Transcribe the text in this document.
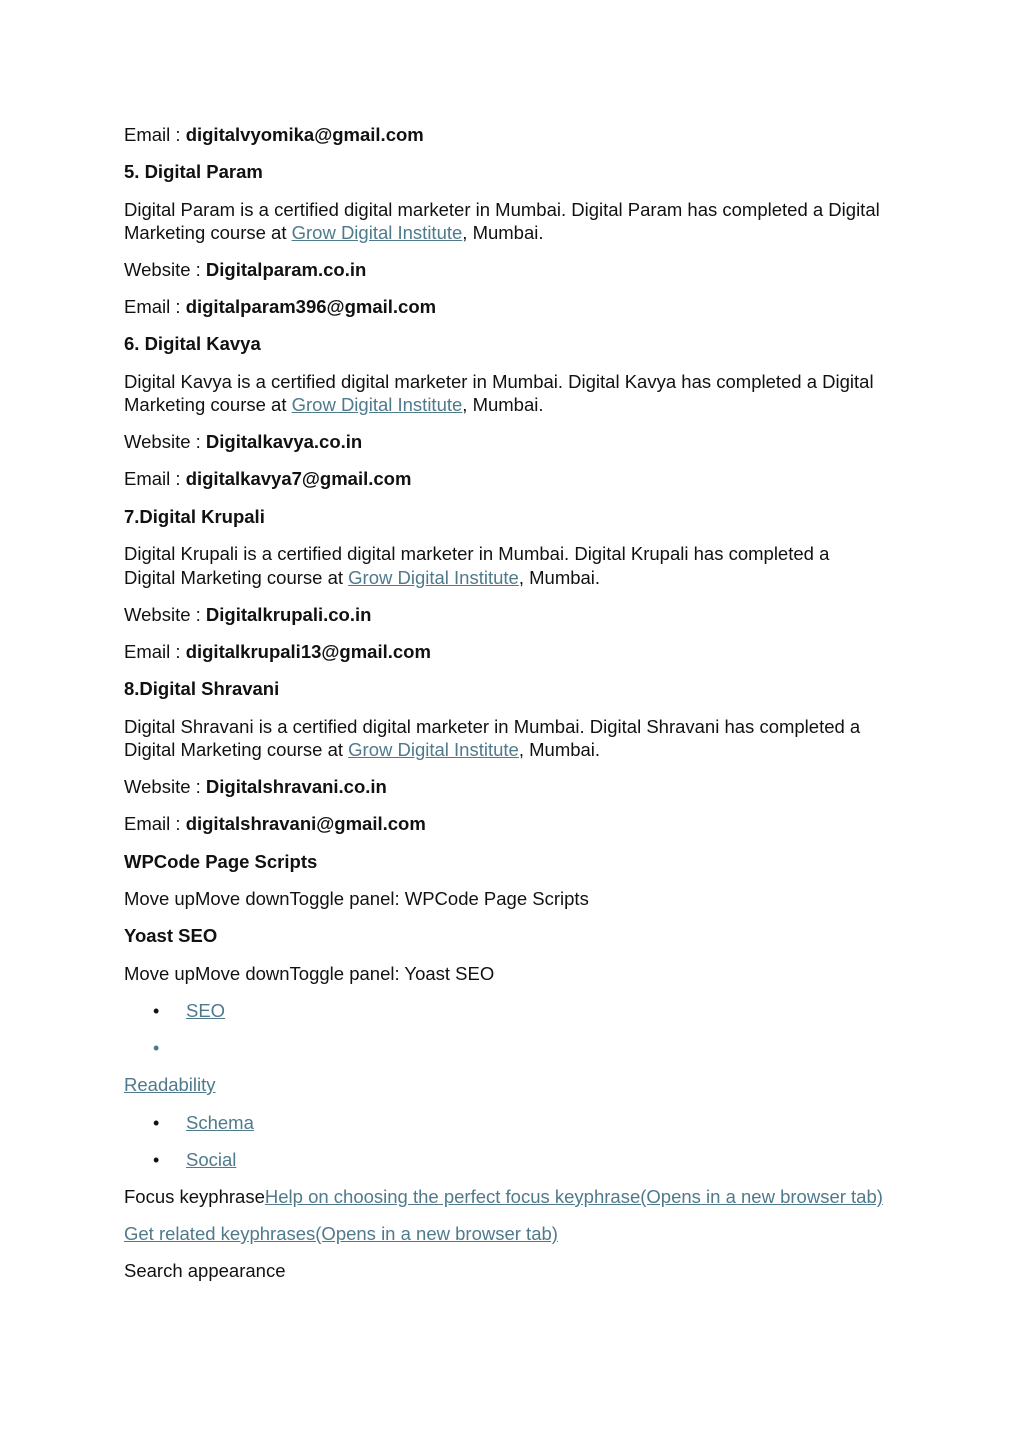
Email : digitalvyomika@gmail.com
5. Digital Param
Digital Param is a certified digital marketer in Mumbai. Digital Param has completed a Digital
Marketing course at Grow Digital Institute, Mumbai.
Website : Digitalparam.co.in
Email : digitalparam396@gmail.com
6. Digital Kavya
Digital Kavya is a certified digital marketer in Mumbai. Digital Kavya has completed a Digital
Marketing course at Grow Digital Institute, Mumbai.
Website : Digitalkavya.co.in
Email : digitalkavya7@gmail.com
7.Digital Krupali
Digital Krupali is a certified digital marketer in Mumbai. Digital Krupali has completed a
Digital Marketing course at Grow Digital Institute, Mumbai.
Website : Digitalkrupali.co.in
Email : digitalkrupali13@gmail.com
8.Digital Shravani
Digital Shravani is a certified digital marketer in Mumbai. Digital Shravani has completed a
Digital Marketing course at Grow Digital Institute, Mumbai.
Website : Digitalshravani.co.in
Email : digitalshravani@gmail.com
WPCode Page Scripts
Move upMove downToggle panel: WPCode Page Scripts
Yoast SEO
Move upMove downToggle panel: Yoast SEO
• SEO
•
Readability
• Schema
• Social
Focus keyphraseHelp on choosing the perfect focus keyphrase(Opens in a new browser tab)
Get related keyphrases(Opens in a new browser tab)
Search appearance
